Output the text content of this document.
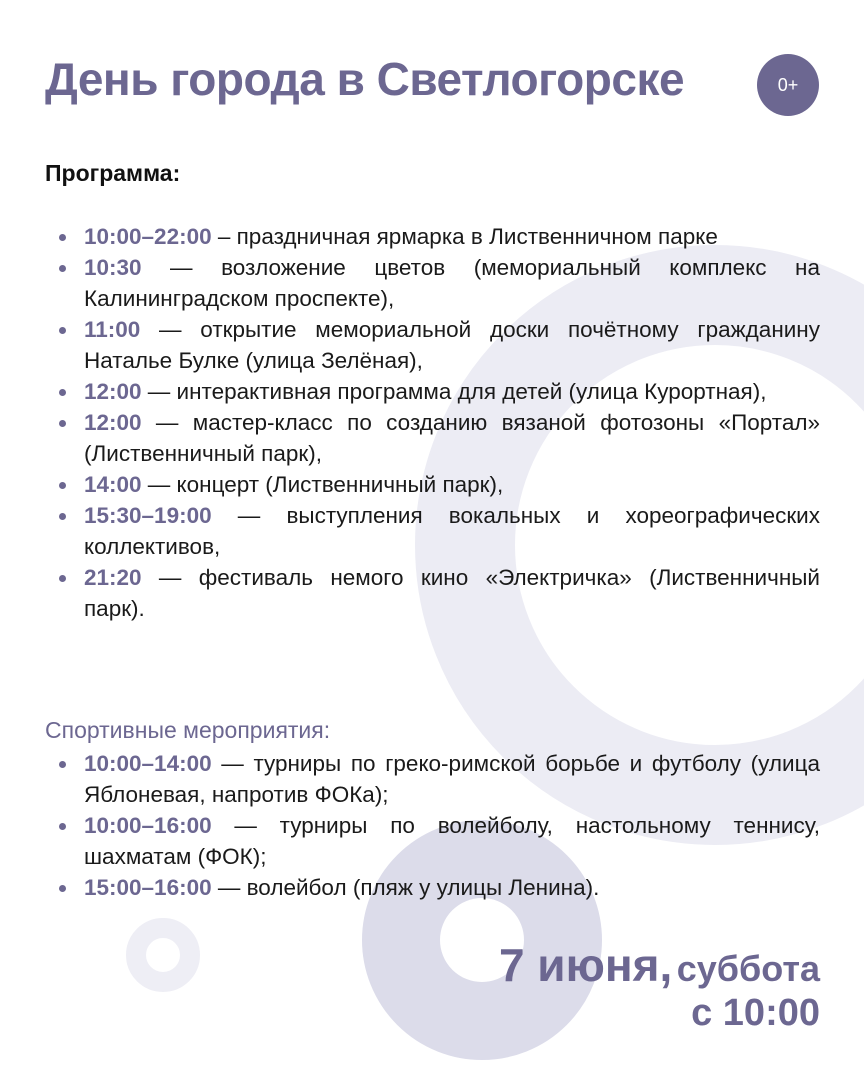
День города в Светлогорске	0+
Программа:
10:00–22:00 – праздничная ярмарка в Лиственничном парке
10:30 — возложение цветов (мемориальный комплекс на Калининградском проспекте),
11:00 — открытие мемориальной доски почётному гражданину Наталье Булке (улица Зелёная),
12:00 — интерактивная программа для детей (улица Курортная),
12:00 — мастер-класс по созданию вязаной фотозоны «Портал» (Лиственничный парк),
14:00 — концерт (Лиственничный парк),
15:30–19:00 — выступления вокальных и хореографических коллективов,
21:20 — фестиваль немого кино «Электричка» (Лиственничный парк).
Спортивные мероприятия:
10:00–14:00 — турниры по греко-римской борьбе и футболу (улица Яблоневая, напротив ФОКа);
10:00–16:00 — турниры по волейболу, настольному теннису, шахматам (ФОК);
15:00–16:00 — волейбол (пляж у улицы Ленина).

7 июня, суббота

с 10:00
